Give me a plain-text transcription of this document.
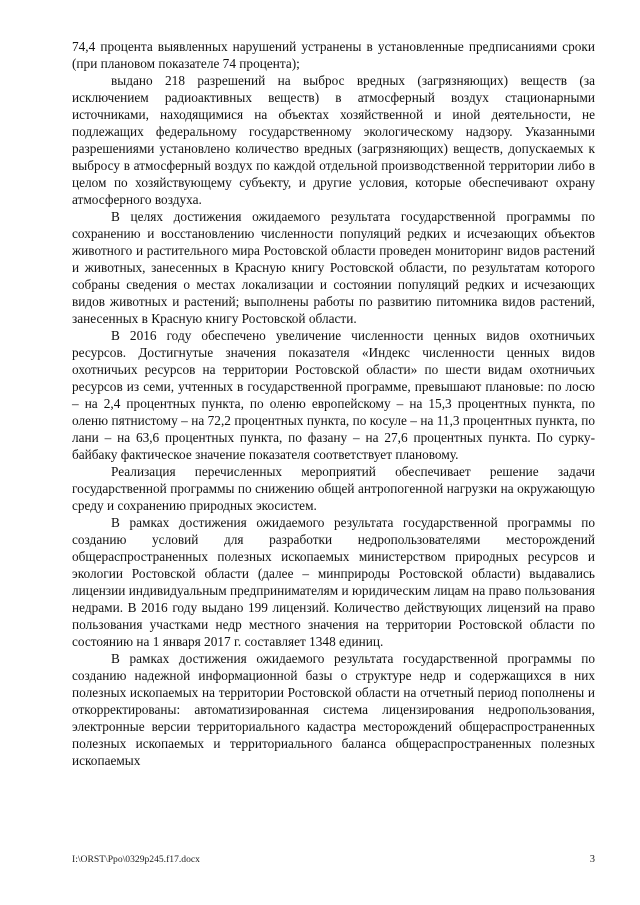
74,4 процента выявленных нарушений устранены в установленные предписаниями сроки (при плановом показателе 74 процента);

выдано 218 разрешений на выброс вредных (загрязняющих) веществ (за исключением радиоактивных веществ) в атмосферный воздух стационарными источниками, находящимися на объектах хозяйственной и иной деятельности, не подлежащих федеральному государственному экологическому надзору. Указанными разрешениями установлено количество вредных (загрязняющих) веществ, допускаемых к выбросу в атмосферный воздух по каждой отдельной производственной территории либо в целом по хозяйствующему субъекту, и другие условия, которые обеспечивают охрану атмосферного воздуха.

В целях достижения ожидаемого результата государственной программы по сохранению и восстановлению численности популяций редких и исчезающих объектов животного и растительного мира Ростовской области проведен мониторинг видов растений и животных, занесенных в Красную книгу Ростовской области, по результатам которого собраны сведения о местах локализации и состоянии популяций редких и исчезающих видов животных и растений; выполнены работы по развитию питомника видов растений, занесенных в Красную книгу Ростовской области.

В 2016 году обеспечено увеличение численности ценных видов охотничьих ресурсов. Достигнутые значения показателя «Индекс численности ценных видов охотничьих ресурсов на территории Ростовской области» по шести видам охотничьих ресурсов из семи, учтенных в государственной программе, превышают плановые: по лосю – на 2,4 процентных пункта, по оленю европейскому – на 15,3 процентных пункта, по оленю пятнистому – на 72,2 процентных пункта, по косуле – на 11,3 процентных пункта, по лани – на 63,6 процентных пункта, по фазану – на 27,6 процентных пункта. По сурку-байбаку фактическое значение показателя соответствует плановому.

Реализация перечисленных мероприятий обеспечивает решение задачи государственной программы по снижению общей антропогенной нагрузки на окружающую среду и сохранению природных экосистем.

В рамках достижения ожидаемого результата государственной программы по созданию условий для разработки недропользователями месторождений общераспространенных полезных ископаемых министерством природных ресурсов и экологии Ростовской области (далее – минприроды Ростовской области) выдавались лицензии индивидуальным предпринимателям и юридическим лицам на право пользования недрами. В 2016 году выдано 199 лицензий. Количество действующих лицензий на право пользования участками недр местного значения на территории Ростовской области по состоянию на 1 января 2017 г. составляет 1348 единиц.

В рамках достижения ожидаемого результата государственной программы по созданию надежной информационной базы о структуре недр и содержащихся в них полезных ископаемых на территории Ростовской области на отчетный период пополнены и откорректированы: автоматизированная система лицензирования недропользования, электронные версии территориального кадастра месторождений общераспространенных полезных ископаемых и территориального баланса общераспространенных полезных ископаемых

I:\ORST\Ppo\0329p245.f17.docx	3
